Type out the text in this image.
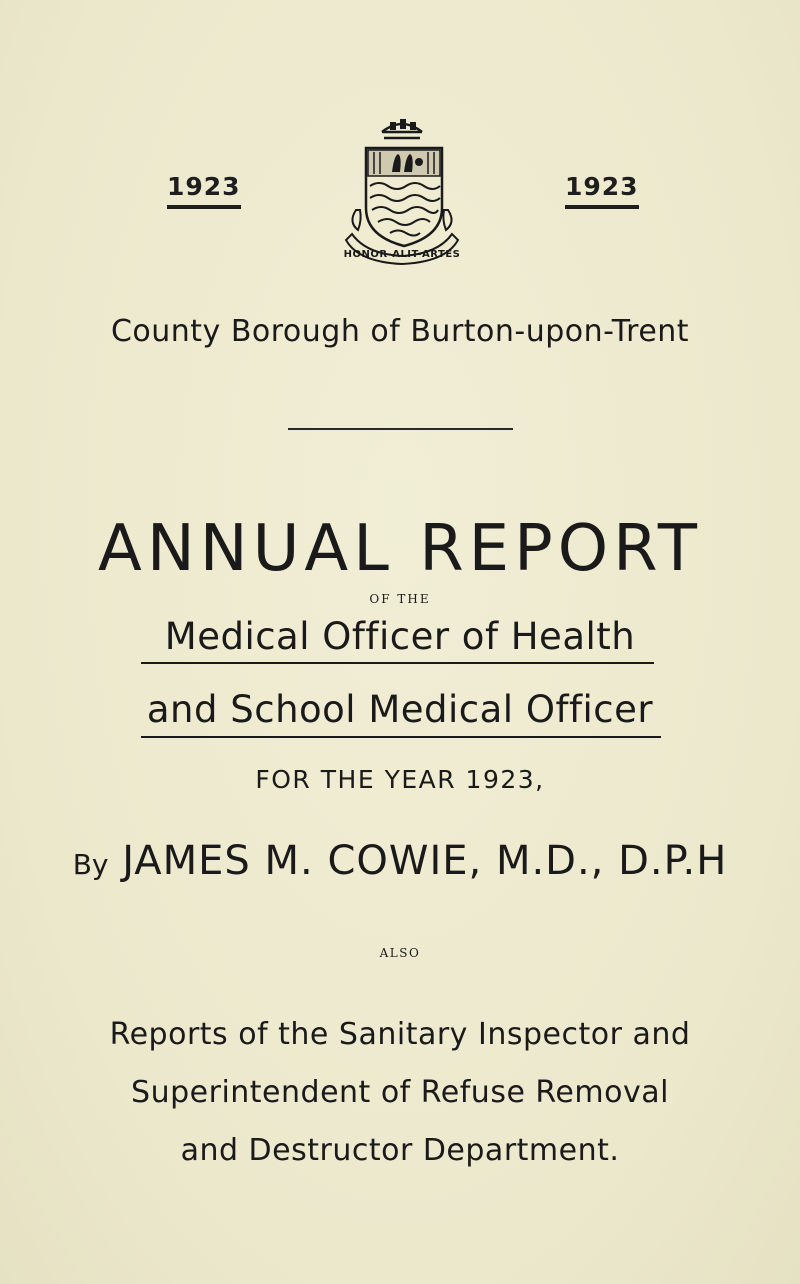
1923
HONOR-ALIT-ARTES
1923
County Borough of Burton-upon-Trent
ANNUAL REPORT
OF THE
Medical Officer of Health
and School Medical Officer
FOR THE YEAR 1923,
By JAMES M. COWIE, M.D., D.P.H
ALSO
Reports of the Sanitary Inspector and
Superintendent of Refuse Removal
and Destructor Department.
